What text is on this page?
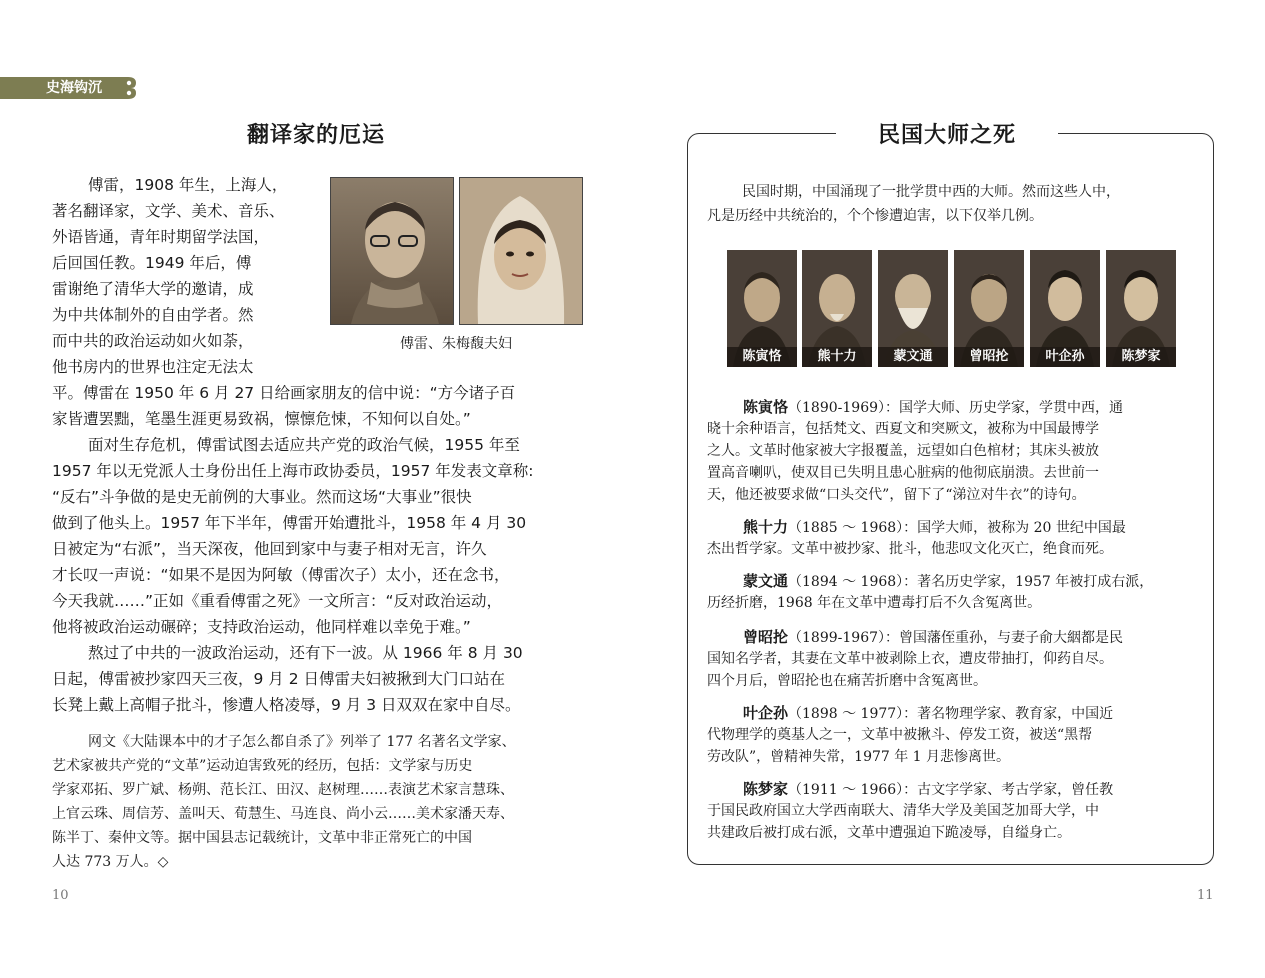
史海钩沉
翻译家的厄运
傅雷、朱梅馥夫妇

傅雷，1908 年生，上海人，

著名翻译家，文学、美术、音乐、

外语皆通，青年时期留学法国，

后回国任教。1949 年后，傅

雷谢绝了清华大学的邀请，成

为中共体制外的自由学者。然

而中共的政治运动如火如荼，

他书房内的世界也注定无法太

平。傅雷在 1950 年 6 月 27 日给画家朋友的信中说：“方今诸子百

家皆遭罢黜，笔墨生涯更易致祸，懔懔危悚，不知何以自处。”

面对生存危机，傅雷试图去适应共产党的政治气候，1955 年至

1957 年以无党派人士身份出任上海市政协委员，1957 年发表文章称:

“反右”斗争做的是史无前例的大事业。然而这场“大事业”很快

做到了他头上。1957 年下半年，傅雷开始遭批斗，1958 年 4 月 30

日被定为“右派”，当天深夜，他回到家中与妻子相对无言，许久

才长叹一声说：“如果不是因为阿敏（傅雷次子）太小，还在念书，

今天我就……”正如《重看傅雷之死》一文所言：“反对政治运动，

他将被政治运动碾碎；支持政治运动，他同样难以幸免于难。”

熬过了中共的一波政治运动，还有下一波。从 1966 年 8 月 30

日起，傅雷被抄家四天三夜，9 月 2 日傅雷夫妇被揪到大门口站在

长凳上戴上高帽子批斗，惨遭人格凌辱，9 月 3 日双双在家中自尽。

网文《大陆课本中的才子怎么都自杀了》列举了 177 名著名文学家、

艺术家被共产党的“文革”运动迫害致死的经历，包括：文学家与历史

学家邓拓、罗广斌、杨朔、范长江、田汉、赵树理……表演艺术家言慧珠、

上官云珠、周信芳、盖叫天、荀慧生、马连良、尚小云……美术家潘天寿、

陈半丁、秦仲文等。据中国县志记载统计，文革中非正常死亡的中国

人达 773 万人。◇

10
民国大师之死

民国时期，中国涌现了一批学贯中西的大师。然而这些人中，

凡是历经中共统治的，个个惨遭迫害，以下仅举几例。

陈寅恪	熊十力	蒙文通	曾昭抡	叶企孙	陈梦家

陈寅恪（1890-1969）：国学大师、历史学家，学贯中西，通

晓十余种语言，包括梵文、西夏文和突厥文，被称为中国最博学

之人。文革时他家被大字报覆盖，远望如白色棺材；其床头被放

置高音喇叭，使双目已失明且患心脏病的他彻底崩溃。去世前一

天，他还被要求做“口头交代”，留下了“涕泣对牛衣”的诗句。

熊十力（1885 ～ 1968）：国学大师，被称为 20 世纪中国最

杰出哲学家。文革中被抄家、批斗，他悲叹文化灭亡，绝食而死。

蒙文通（1894 ～ 1968）：著名历史学家，1957 年被打成右派，

历经折磨，1968 年在文革中遭毒打后不久含冤离世。

曾昭抡（1899-1967）：曾国藩侄重孙，与妻子俞大絪都是民

国知名学者，其妻在文革中被剥除上衣，遭皮带抽打，仰药自尽。

四个月后，曾昭抡也在痛苦折磨中含冤离世。

叶企孙（1898 ～ 1977）：著名物理学家、教育家，中国近

代物理学的奠基人之一，文革中被揪斗、停发工资，被送“黑帮

劳改队”，曾精神失常，1977 年 1 月悲惨离世。

陈梦家（1911 ～ 1966）：古文字学家、考古学家，曾任教

于国民政府国立大学西南联大、清华大学及美国芝加哥大学，中

共建政后被打成右派，文革中遭强迫下跪凌辱，自缢身亡。

11
